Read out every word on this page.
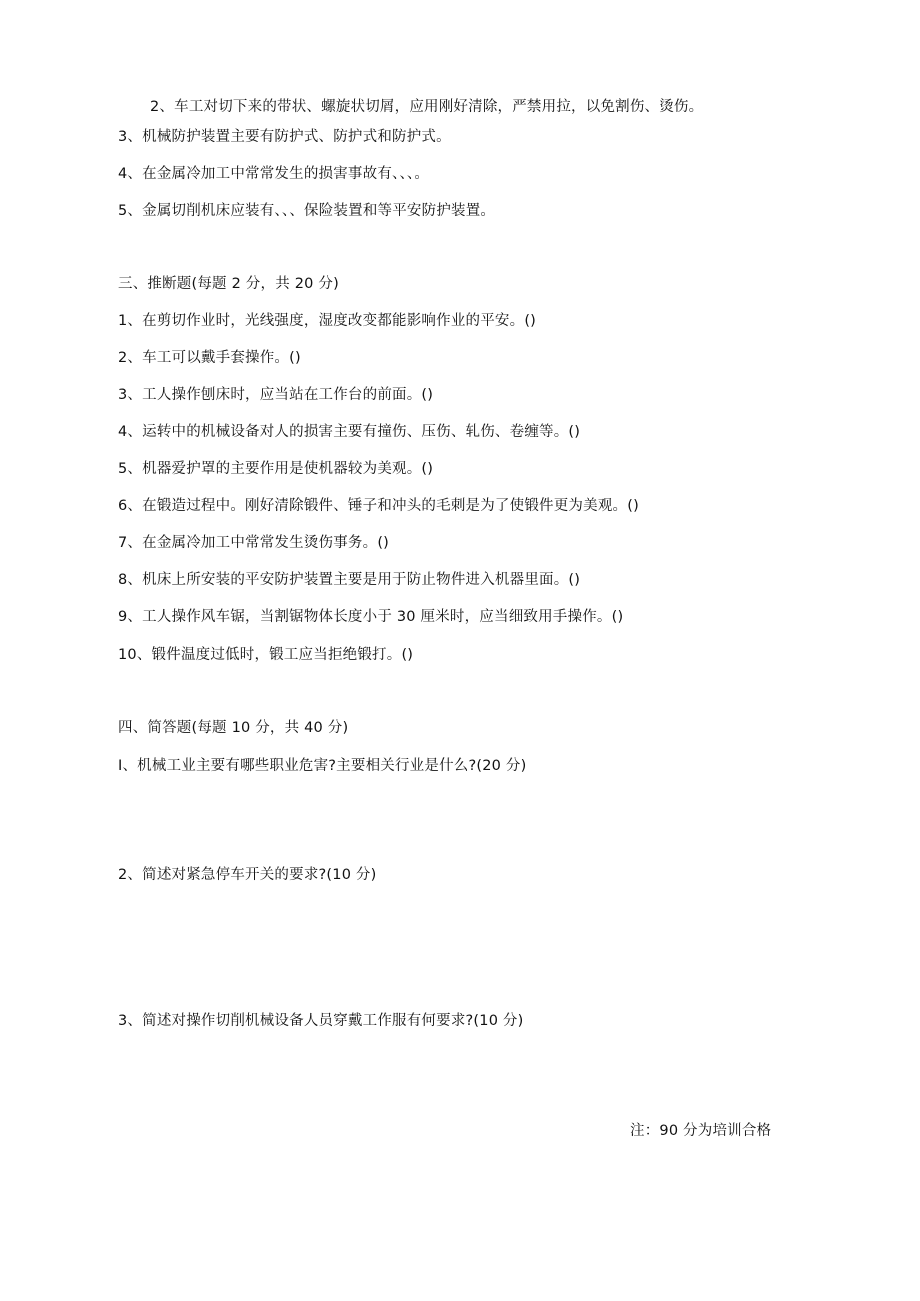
2、车工对切下来的带状、螺旋状切屑，应用刚好清除，严禁用拉，以免割伤、烫伤。
3、机械防护装置主要有防护式、防护式和防护式。
4、在金属冷加工中常常发生的损害事故有、、、。
5、金属切削机床应装有、、、保险装置和等平安防护装置。
三、推断题(每题 2 分，共 20 分)
1、在剪切作业时，光线强度，湿度改变都能影响作业的平安。()
2、车工可以戴手套操作。()
3、工人操作刨床时，应当站在工作台的前面。()
4、运转中的机械设备对人的损害主要有撞伤、压伤、轧伤、卷缠等。()
5、机器爱护罩的主要作用是使机器较为美观。()
6、在锻造过程中。刚好清除锻件、锤子和冲头的毛刺是为了使锻件更为美观。()
7、在金属冷加工中常常发生烫伤事务。()
8、机床上所安装的平安防护装置主要是用于防止物件进入机器里面。()
9、工人操作风车锯，当割锯物体长度小于 30 厘米时，应当细致用手操作。()
10、锻件温度过低时，锻工应当拒绝锻打。()
四、简答题(每题 10 分，共 40 分)
I、机械工业主要有哪些职业危害?主要相关行业是什么?(20 分)
2、简述对紧急停车开关的要求?(10 分)
3、简述对操作切削机械设备人员穿戴工作服有何要求?(10 分)
注：90 分为培训合格
